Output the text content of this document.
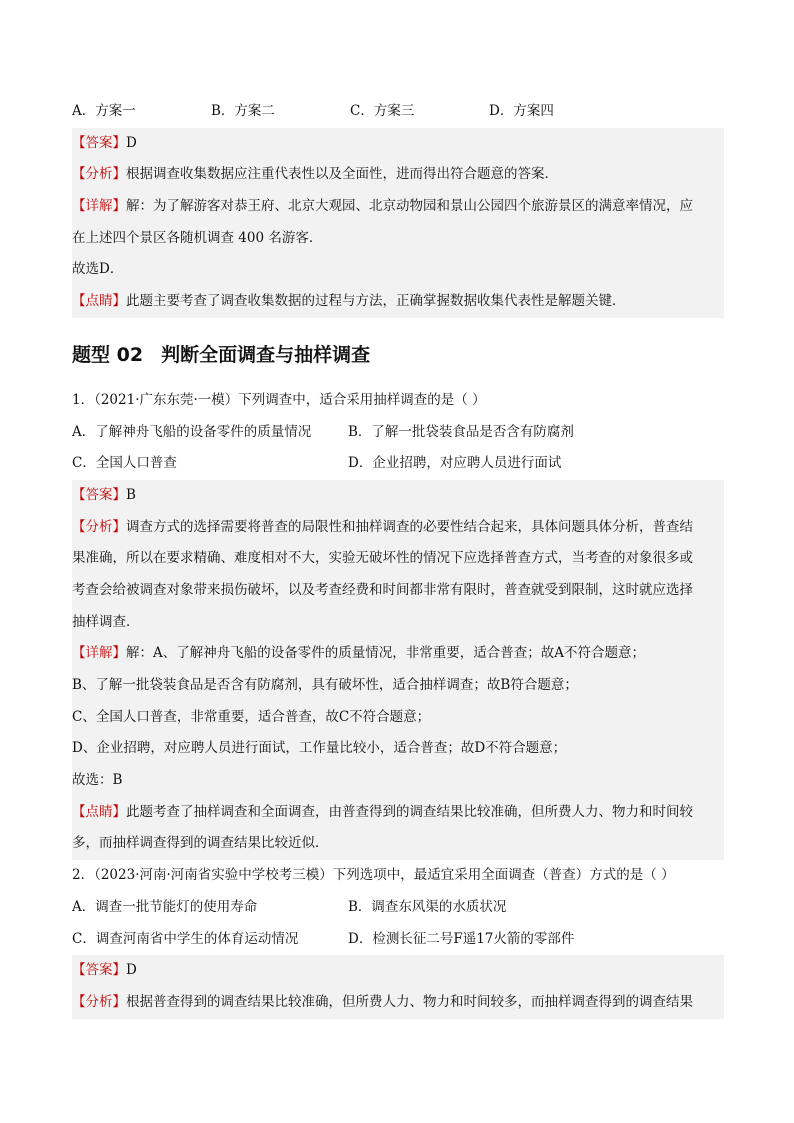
A．方案一	B．方案二	C．方案三	D．方案四
【答案】D
【分析】根据调查收集数据应注重代表性以及全面性，进而得出符合题意的答案．
【详解】解：为了解游客对恭王府、北京大观园、北京动物园和景山公园四个旅游景区的满意率情况，应
在上述四个景区各随机调查 400 名游客．
故选D．
【点睛】此题主要考查了调查收集数据的过程与方法，正确掌握数据收集代表性是解题关键．
题型 02 判断全面调查与抽样调查
1．（2021·广东东莞·一模）下列调查中，适合采用抽样调查的是（ ）
A．了解神舟飞船的设备零件的质量情况	B．了解一批袋装食品是否含有防腐剂
C．全国人口普查	D．企业招聘，对应聘人员进行面试
【答案】B
【分析】调查方式的选择需要将普查的局限性和抽样调查的必要性结合起来，具体问题具体分析，普查结
果准确，所以在要求精确、难度相对不大，实验无破坏性的情况下应选择普查方式，当考查的对象很多或
考查会给被调查对象带来损伤破坏，以及考查经费和时间都非常有限时，普查就受到限制，这时就应选择
抽样调查．
【详解】解：A、了解神舟飞船的设备零件的质量情况，非常重要，适合普查；故A不符合题意；
B、了解一批袋装食品是否含有防腐剂，具有破坏性，适合抽样调查；故B符合题意；
C、全国人口普查，非常重要，适合普查，故C不符合题意；
D、企业招聘，对应聘人员进行面试，工作量比较小，适合普查；故D不符合题意；
故选：B
【点睛】此题考查了抽样调查和全面调查，由普查得到的调查结果比较准确，但所费人力、物力和时间较
多，而抽样调查得到的调查结果比较近似．
2．（2023·河南·河南省实验中学校考三模）下列选项中，最适宜采用全面调查（普查）方式的是（ ）
A．调查一批节能灯的使用寿命	B．调查东风渠的水质状况
C．调查河南省中学生的体育运动情况	D．检测长征二号F遥17火箭的零部件
【答案】D
【分析】根据普查得到的调查结果比较准确，但所费人力、物力和时间较多，而抽样调查得到的调查结果
